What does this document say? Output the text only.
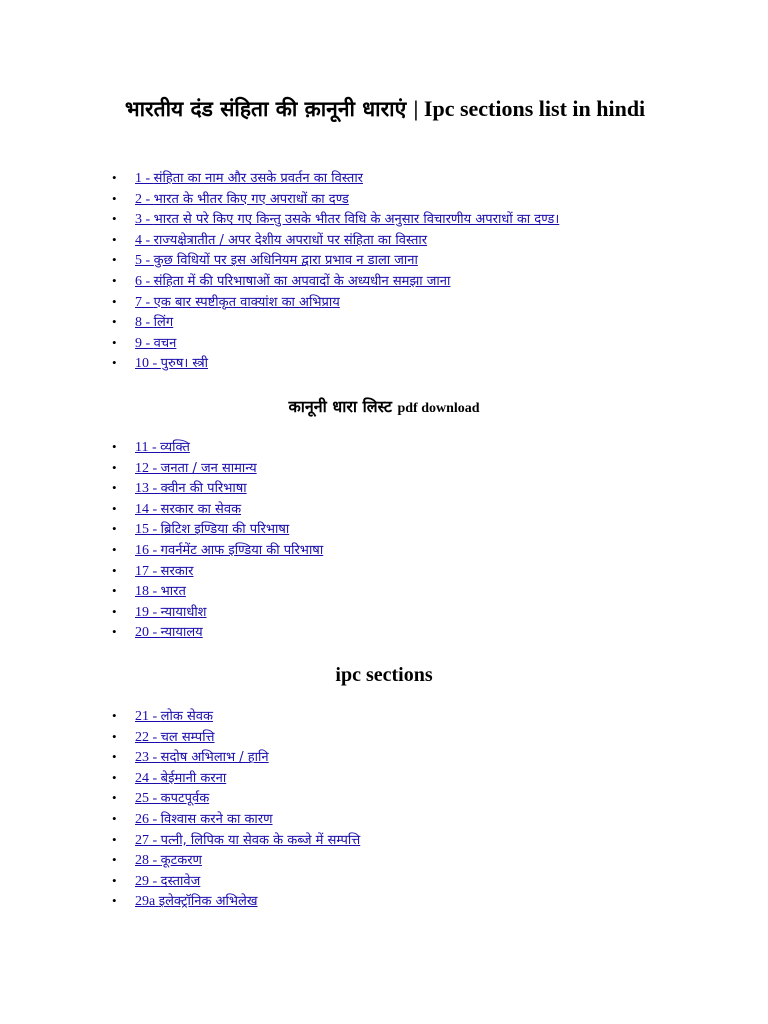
भारतीय दंड संहिता की क़ानूनी धाराएं | Ipc sections list in hindi
• 1 - संहिता का नाम और उसके प्रवर्तन का विस्तार
• 2 - भारत के भीतर किए गए अपराधों का दण्ड
• 3 - भारत से परे किए गए किन्तु उसके भीतर विधि के अनुसार विचारणीय अपराधों का दण्ड।
• 4 - राज्यक्षेत्रातीत / अपर देशीय अपराधों पर संहिता का विस्तार
• 5 - कुछ विधियों पर इस अधिनियम द्वारा प्रभाव न डाला जाना
• 6 - संहिता में की परिभाषाओं का अपवादों के अध्यधीन समझा जाना
• 7 - एक बार स्पष्टीकृत वाक्यांश का अभिप्राय
• 8 - लिंग
• 9 - वचन
• 10 - पुरुष। स्त्री
कानूनी धारा लिस्ट pdf download
• 11 - व्यक्ति
• 12 - जनता / जन सामान्य
• 13 - क्वीन की परिभाषा
• 14 - सरकार का सेवक
• 15 - ब्रिटिश इण्डिया की परिभाषा
• 16 - गवर्नमेंट आफ इण्डिया की परिभाषा
• 17 - सरकार
• 18 - भारत
• 19 - न्यायाधीश
• 20 - न्यायालय
ipc sections
• 21 - लोक सेवक
• 22 - चल सम्पत्ति
• 23 - सदोष अभिलाभ / हानि
• 24 - बेईमानी करना
• 25 - कपटपूर्वक
• 26 - विश्वास करने का कारण
• 27 - पत्नी, लिपिक या सेवक के कब्जे में सम्पत्ति
• 28 - कूटकरण
• 29 - दस्तावेज
• 29a इलेक्ट्रॉनिक अभिलेख
